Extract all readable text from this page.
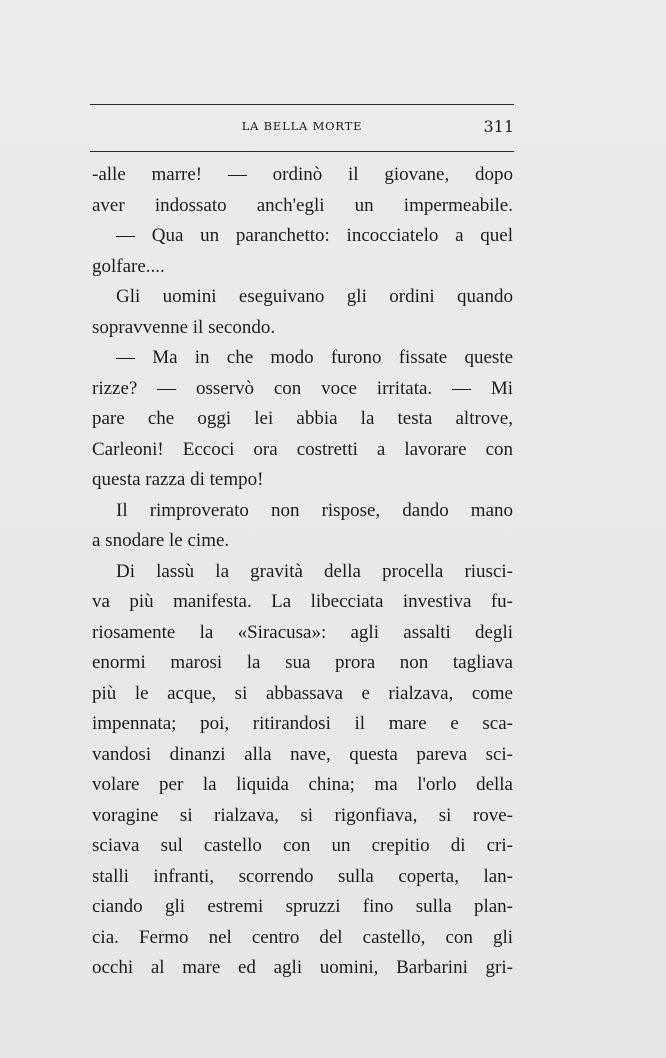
LA BELLA MORTE	311
-alle marre! — ordinò il giovane, dopo
aver indossato anch'egli un impermeabile.
— Qua un paranchetto: incocciatelo a quel
golfare....
Gli uomini eseguivano gli ordini quando
sopravvenne il secondo.
— Ma in che modo furono fissate queste
rizze? — osservò con voce irritata. — Mi
pare che oggi lei abbia la testa altrove,
Carleoni! Eccoci ora costretti a lavorare con
questa razza di tempo!
Il rimproverato non rispose, dando mano
a snodare le cime.
Di lassù la gravità della procella riusci-
va più manifesta. La libecciata investiva fu-
riosamente la «Siracusa»: agli assalti degli
enormi marosi la sua prora non tagliava
più le acque, si abbassava e rialzava, come
impennata; poi, ritirandosi il mare e sca-
vandosi dinanzi alla nave, questa pareva sci-
volare per la liquida china; ma l'orlo della
voragine si rialzava, si rigonfiava, si rove-
sciava sul castello con un crepitio di cri-
stalli infranti, scorrendo sulla coperta, lan-
ciando gli estremi spruzzi fino sulla plan-
cia. Fermo nel centro del castello, con gli
occhi al mare ed agli uomini, Barbarini gri-
